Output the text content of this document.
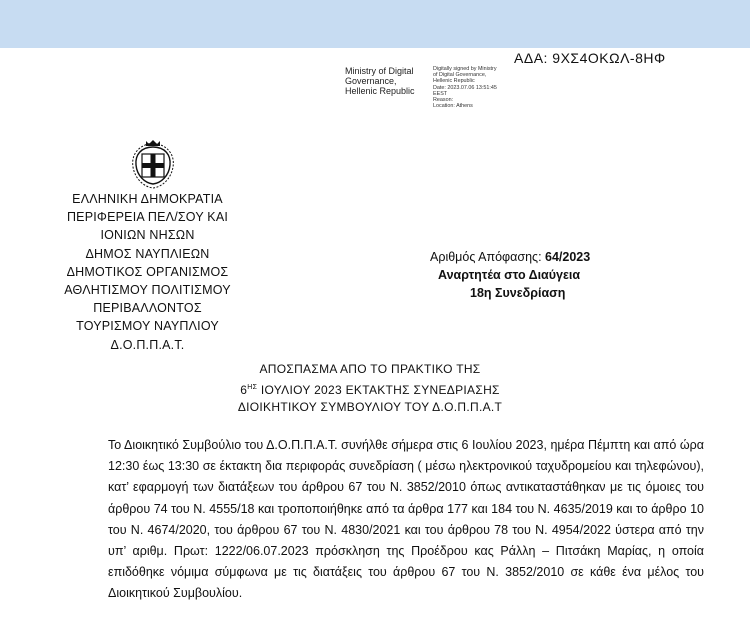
ΑΔΑ: 9ΧΣ4ΟΚΩΛ-8ΗΦ
Ministry of Digital
Governance,
Hellenic Republic
Digitally signed by Ministry
of Digital Governance,
Hellenic Republic
Date: 2023.07.06 13:51:45
EEST
Reason:
Location: Athens
ΕΛΛΗΝΙΚΗ ΔΗΜΟΚΡΑΤΙΑ
ΠΕΡΙΦΕΡΕΙΑ ΠΕΛ/ΣΟΥ ΚΑΙ
ΙΟΝΙΩΝ ΝΗΣΩΝ
ΔΗΜΟΣ ΝΑΥΠΛΙΕΩΝ
ΔΗΜΟΤΙΚΟΣ ΟΡΓΑΝΙΣΜΟΣ
ΑΘΛΗΤΙΣΜΟΥ ΠΟΛΙΤΙΣΜΟΥ
ΠΕΡΙΒΑΛΛΟΝΤΟΣ
ΤΟΥΡΙΣΜΟΥ ΝΑΥΠΛΙΟΥ
Δ.Ο.Π.Π.Α.Τ.
Αριθμός Απόφασης: 64/2023
Αναρτητέα στο Διαύγεια
18η Συνεδρίαση
ΑΠΟΣΠΑΣΜΑ ΑΠΟ ΤΟ ΠΡΑΚΤΙΚΟ ΤΗΣ
$6^{H\Sigma}$ ΙΟΥΛΙΟΥ 2023 ΕΚΤΑΚΤΗΣ ΣΥΝΕΔΡΙΑΣΗΣ
ΔΙΟΙΚΗΤΙΚΟΥ ΣΥΜΒΟΥΛΙΟΥ ΤΟΥ Δ.Ο.Π.Π.Α.Τ
Το Διοικητικό Συμβούλιο του Δ.Ο.Π.Π.Α.Τ. συνήλθε σήμερα στις 6 Ιουλίου 2023, ημέρα Πέμπτη και από ώρα 12:30 έως 13:30 σε έκτακτη δια περιφοράς συνεδρίαση ( μέσω ηλεκτρονικού ταχυδρομείου και τηλεφώνου), κατ’ εφαρμογή των διατάξεων του άρθρου 67 του Ν. 3852/2010 όπως αντικαταστάθηκαν με τις όμοιες του άρθρου 74 του Ν. 4555/18 και τροποποιήθηκε από τα άρθρα 177 και 184 του Ν. 4635/2019 και το άρθρο 10 του Ν. 4674/2020, του άρθρου 67 του Ν. 4830/2021 και του άρθρου 78 του Ν. 4954/2022 ύστερα από την υπ’ αριθμ. Πρωτ: 1222/06.07.2023 πρόσκληση της Προέδρου κας Ράλλη – Πιτσάκη Μαρίας, η οποία επιδόθηκε νόμιμα σύμφωνα με τις διατάξεις του άρθρου 67 του Ν. 3852/2010 σε κάθε ένα μέλος του Διοικητικού Συμβουλίου.
